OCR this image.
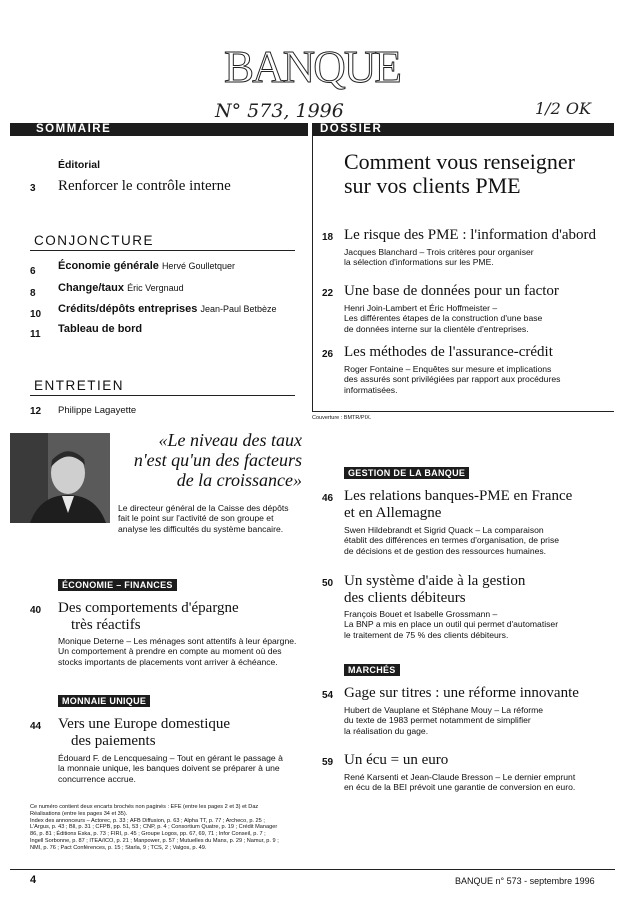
BANQUE
N° 573, 1996	1/2 OK
SOMMAIRE	DOSSIER
Éditorial
3 Renforcer le contrôle interne
CONJONCTURE
6 Économie générale Hervé Goulletquer
8 Change/taux Éric Vergnaud
10 Crédits/dépôts entreprises Jean-Paul Betbèze
11 Tableau de bord
ENTRETIEN
12 Philippe Lagayette
«Le niveau des taux
n'est qu'un des facteurs
de la croissance»
Le directeur général de la Caisse des dépôts
fait le point sur l'activité de son groupe et
analyse les difficultés du système bancaire.
ÉCONOMIE – FINANCES
40 Des comportements d'épargne
très réactifs
Monique Deterne – Les ménages sont attentifs à leur épargne.
Un comportement à prendre en compte au moment où des
stocks importants de placements vont arriver à échéance.
MONNAIE UNIQUE
44 Vers une Europe domestique
des paiements
Édouard F. de Lencquesaing – Tout en gérant le passage à
la monnaie unique, les banques doivent se préparer à une
concurrence accrue.
Ce numéro contient deux encarts brochés non paginés : EFE (entre les pages 2 et 3) et Daz
Réalisations (entre les pages 34 et 35).
Index des annonceurs – Actorec, p. 33 ; AFB Diffusion, p. 63 ; Alpha TT, p. 77 ; Archeco, p. 25 ;
L'Argus, p. 43 ; Bll, p. 31 ; CFPB, pp. 51, 53 ; CNP, p. 4 ; Consortium Quatre, p. 19 ; Crédit Manager
86, p. 81 ; Éditions Eska, p. 73 ; FIRI, p. 45 ; Groupe Logos, pp. 67, 69, 71 ; Infor Conseil, p. 7 ;
Ingell Sorbonne, p. 87 ; ITEA/ICO, p. 21 ; Manpower, p. 57 ; Mutuelles du Mans, p. 29 ; Namur, p. 9 ;
NMI, p. 76 ; Pact Conférences, p. 15 ; Starla, 9 ; TCS, 2 ; Valgos, p. 49.
Comment vous renseigner
sur vos clients PME
18 Le risque des PME : l'information d'abord
Jacques Blanchard – Trois critères pour organiser
la sélection d'informations sur les PME.
22 Une base de données pour un factor
Henri Join-Lambert et Éric Hoffmeister –
Les différentes étapes de la construction d'une base
de données interne sur la clientèle d'entreprises.
26 Les méthodes de l'assurance-crédit
Roger Fontaine – Enquêtes sur mesure et implications
des assurés sont privilégiées par rapport aux procédures
informatisées.
Couverture : BMTR/PIX.
GESTION DE LA BANQUE
46 Les relations banques-PME en France
et en Allemagne
Swen Hildebrandt et Sigrid Quack – La comparaison
établit des différences en termes d'organisation, de prise
de décisions et de gestion des ressources humaines.
50 Un système d'aide à la gestion
des clients débiteurs
François Bouet et Isabelle Grossmann –
La BNP a mis en place un outil qui permet d'automatiser
le traitement de 75 % des clients débiteurs.
MARCHÉS
54 Gage sur titres : une réforme innovante
Hubert de Vauplane et Stéphane Mouy – La réforme
du texte de 1983 permet notamment de simplifier
la réalisation du gage.
59 Un écu = un euro
René Karsenti et Jean-Claude Bresson – Le dernier emprunt
en écu de la BEI prévoit une garantie de conversion en euro.
4	BANQUE n° 573 - septembre 1996
